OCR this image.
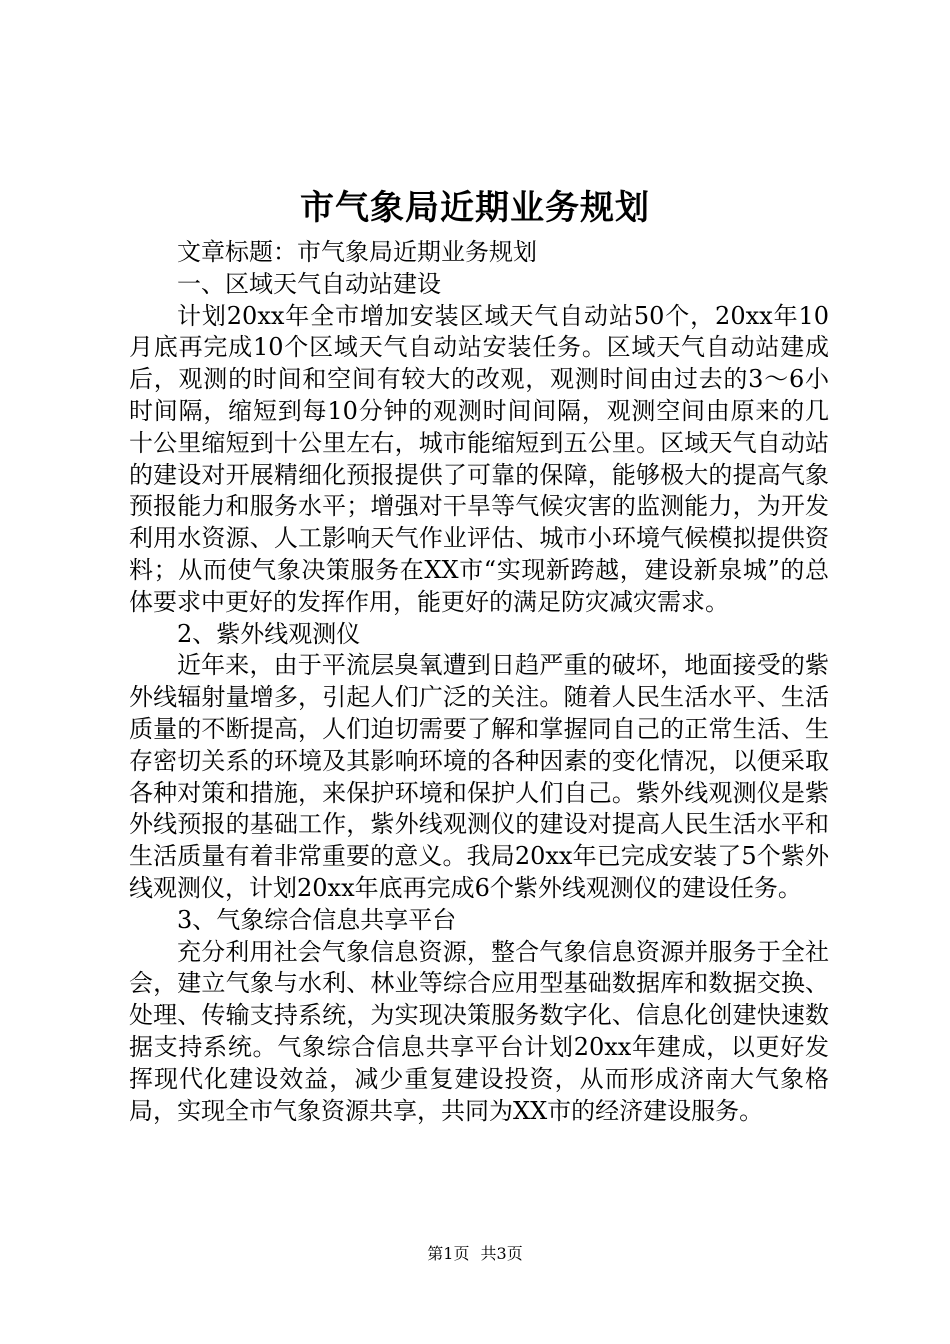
市气象局近期业务规划

文章标题：市气象局近期业务规划

一、区域天气自动站建设

计划20xx年全市增加安装区域天气自动站50个，20xx年10月底再完成10个区域天气自动站安装任务。区域天气自动站建成后，观测的时间和空间有较大的改观，观测时间由过去的3～6小时间隔，缩短到每10分钟的观测时间间隔，观测空间由原来的几十公里缩短到十公里左右，城市能缩短到五公里。区域天气自动站的建设对开展精细化预报提供了可靠的保障，能够极大的提高气象预报能力和服务水平；增强对干旱等气候灾害的监测能力，为开发利用水资源、人工影响天气作业评估、城市小环境气候模拟提供资料；从而使气象决策服务在XX市“实现新跨越，建设新泉城”的总体要求中更好的发挥作用，能更好的满足防灾减灾需求。

2、紫外线观测仪

近年来，由于平流层臭氧遭到日趋严重的破坏，地面接受的紫外线辐射量增多，引起人们广泛的关注。随着人民生活水平、生活质量的不断提高，人们迫切需要了解和掌握同自己的正常生活、生存密切关系的环境及其影响环境的各种因素的变化情况，以便采取各种对策和措施，来保护环境和保护人们自己。紫外线观测仪是紫外线预报的基础工作，紫外线观测仪的建设对提高人民生活水平和生活质量有着非常重要的意义。我局20xx年已完成安装了5个紫外线观测仪，计划20xx年底再完成6个紫外线观测仪的建设任务。

3、气象综合信息共享平台

充分利用社会气象信息资源，整合气象信息资源并服务于全社会，建立气象与水利、林业等综合应用型基础数据库和数据交换、处理、传输支持系统，为实现决策服务数字化、信息化创建快速数据支持系统。气象综合信息共享平台计划20xx年建成，以更好发挥现代化建设效益，减少重复建设投资，从而形成济南大气象格局，实现全市气象资源共享，共同为XX市的经济建设服务。

第1页 共3页
